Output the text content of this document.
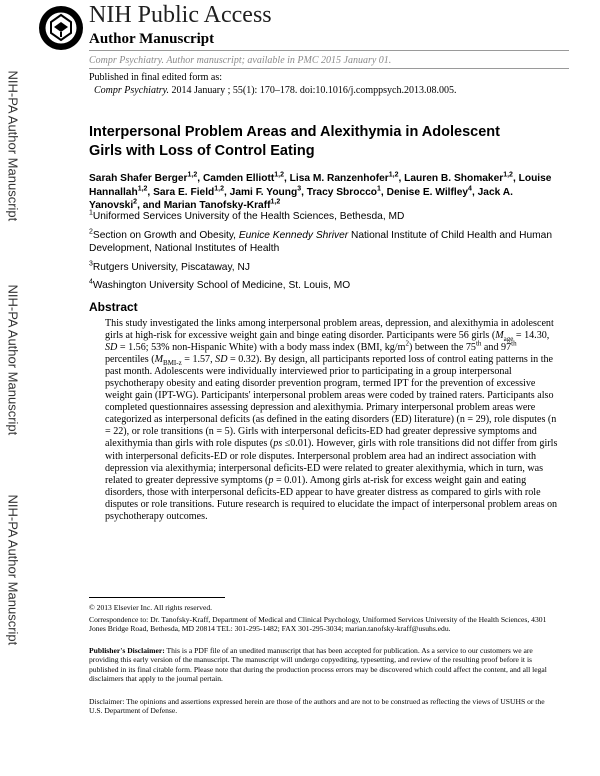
NIH Public Access
Author Manuscript
Compr Psychiatry. Author manuscript; available in PMC 2015 January 01.
Published in final edited form as:
Compr Psychiatry. 2014 January ; 55(1): 170–178. doi:10.1016/j.comppsych.2013.08.005.
NIH-PA Author Manuscript
NIH-PA Author Manuscript
NIH-PA Author Manuscript
Interpersonal Problem Areas and Alexithymia in Adolescent
Girls with Loss of Control Eating
Sarah Shafer Berger$^{1,2}$, Camden Elliott$^{1,2}$, Lisa M. Ranzenhofer$^{1,2}$, Lauren B. Shomaker$^{1,2}$, Louise Hannallah$^{1,2}$, Sara E. Field$^{1,2}$, Jami F. Young$^3$, Tracy Sbrocco$^1$, Denise E. Wilfley$^4$, Jack A. Yanovski$^2$, and Marian Tanofsky-Kraff$^{1,2}$
$^1$Uniformed Services University of the Health Sciences, Bethesda, MD
$^2$Section on Growth and Obesity, Eunice Kennedy Shriver National Institute of Child Health and Human Development, National Institutes of Health
$^3$Rutgers University, Piscataway, NJ
$^4$Washington University School of Medicine, St. Louis, MO
Abstract
This study investigated the links among interpersonal problem areas, depression, and alexithymia in adolescent girls at high-risk for excessive weight gain and binge eating disorder. Participants were 56 girls ($M_{age} = 14.30$, SD = 1.56; 53% non-Hispanic White) with a body mass index (BMI, $kg/m^2$) between the 75th and 97th percentiles ($M_{BMI-z} = 1.57$, SD = 0.32). By design, all participants reported loss of control eating patterns in the past month. Adolescents were individually interviewed prior to participating in a group interpersonal psychotherapy obesity and eating disorder prevention program, termed IPT for the prevention of excessive weight gain (IPT-WG). Participants' interpersonal problem areas were coded by trained raters. Participants also completed questionnaires assessing depression and alexithymia. Primary interpersonal problem areas were categorized as interpersonal deficits (as defined in the eating disorders (ED) literature) (n = 29), role disputes (n = 22), or role transitions (n = 5). Girls with interpersonal deficits-ED had greater depressive symptoms and alexithymia than girls with role disputes (ps ≤0.01). However, girls with role transitions did not differ from girls with interpersonal deficits-ED or role disputes. Interpersonal problem area had an indirect association with depression via alexithymia; interpersonal deficits-ED were related to greater alexithymia, which in turn, was related to greater depressive symptoms (p = 0.01). Among girls at-risk for excess weight gain and eating disorders, those with interpersonal deficits-ED appear to have greater distress as compared to girls with role disputes or role transitions. Future research is required to elucidate the impact of interpersonal problem areas on psychotherapy outcomes.
© 2013 Elsevier Inc. All rights reserved.
Correspondence to: Dr. Tanofsky-Kraff, Department of Medical and Clinical Psychology, Uniformed Services University of the Health Sciences, 4301 Jones Bridge Road, Bethesda, MD 20814 TEL: 301-295-1482; FAX 301-295-3034; marian.tanofsky-kraff@usuhs.edu.
Publisher's Disclaimer: This is a PDF file of an unedited manuscript that has been accepted for publication. As a service to our customers we are providing this early version of the manuscript. The manuscript will undergo copyediting, typesetting, and review of the resulting proof before it is published in its final citable form. Please note that during the production process errors may be discovered which could affect the content, and all legal disclaimers that apply to the journal pertain.
Disclaimer: The opinions and assertions expressed herein are those of the authors and are not to be construed as reflecting the views of USUHS or the U.S. Department of Defense.
